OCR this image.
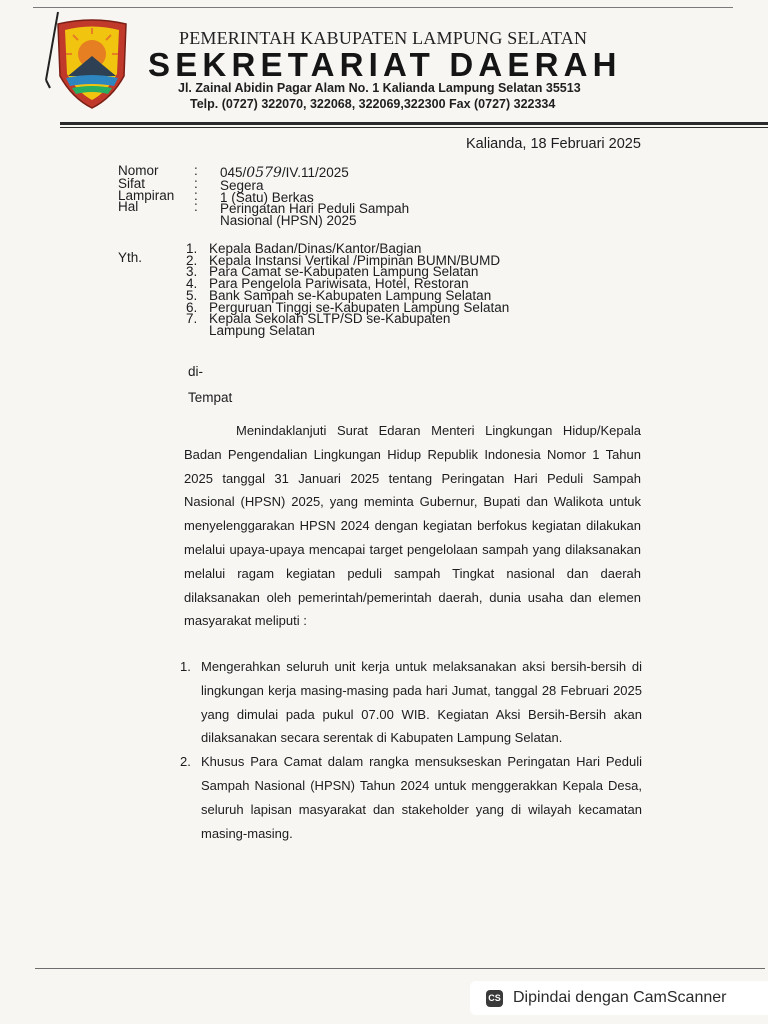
PEMERINTAH KABUPATEN LAMPUNG SELATAN
SEKRETARIAT DAERAH
Jl. Zainal Abidin Pagar Alam No. 1 Kalianda Lampung Selatan 35513
Telp. (0727) 322070, 322068, 322069,322300 Fax (0727) 322334
Kalianda, 18 Februari 2025
Nomor	:	045/0579/IV.11/2025
Sifat	:	Segera
Lampiran	:	1 (Satu) Berkas
Hal	:	Peringatan Hari Peduli Sampah
Nasional (HPSN) 2025
Yth.
1. Kepala Badan/Dinas/Kantor/Bagian
2. Kepala Instansi Vertikal /Pimpinan BUMN/BUMD
3. Para Camat se-Kabupaten Lampung Selatan
4. Para Pengelola Pariwisata, Hotel, Restoran
5. Bank Sampah se-Kabupaten Lampung Selatan
6. Perguruan Tinggi se-Kabupaten Lampung Selatan
7. Kepala Sekolah SLTP/SD se-Kabupaten
Lampung Selatan
di-
Tempat

Menindaklanjuti Surat Edaran Menteri Lingkungan Hidup/Kepala Badan Pengendalian Lingkungan Hidup Republik Indonesia Nomor 1 Tahun 2025 tanggal 31 Januari 2025 tentang Peringatan Hari Peduli Sampah Nasional (HPSN) 2025, yang meminta Gubernur, Bupati dan Walikota untuk menyelenggarakan HPSN 2024 dengan kegiatan berfokus kegiatan dilakukan melalui upaya-upaya mencapai target pengelolaan sampah yang dilaksanakan melalui ragam kegiatan peduli sampah Tingkat nasional dan daerah dilaksanakan oleh pemerintah/pemerintah daerah, dunia usaha dan elemen masyarakat meliputi :

1. Mengerahkan seluruh unit kerja untuk melaksanakan aksi bersih-bersih di lingkungan kerja masing-masing pada hari Jumat, tanggal 28 Februari 2025 yang dimulai pada pukul 07.00 WIB. Kegiatan Aksi Bersih-Bersih akan dilaksanakan secara serentak di Kabupaten Lampung Selatan.
2. Khusus Para Camat dalam rangka mensukseskan Peringatan Hari Peduli Sampah Nasional (HPSN) Tahun 2024 untuk menggerakkan Kepala Desa, seluruh lapisan masyarakat dan stakeholder yang di wilayah kecamatan masing-masing.
CS Dipindai dengan CamScanner
